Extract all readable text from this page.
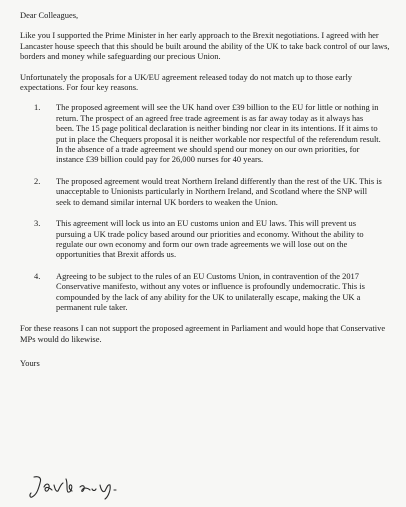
Dear Colleagues,

Like you I supported the Prime Minister in her early approach to the Brexit negotiations. I agreed with her Lancaster house speech that this should be built around the ability of the UK to take back control of our laws, borders and money while safeguarding our precious Union.

Unfortunately the proposals for a UK/EU agreement released today do not match up to those early expectations. For four key reasons.

1. The proposed agreement will see the UK hand over £39 billion to the EU for little or nothing in return. The prospect of an agreed free trade agreement is as far away today as it always has been. The 15 page political declaration is neither binding nor clear in its intentions. If it aims to put in place the Chequers proposal it is neither workable nor respectful of the referendum result. In the absence of a trade agreement we should spend our money on our own priorities, for instance £39 billion could pay for 26,000 nurses for 40 years.
2. The proposed agreement would treat Northern Ireland differently than the rest of the UK. This is unacceptable to Unionists particularly in Northern Ireland, and Scotland where the SNP will seek to demand similar internal UK borders to weaken the Union.
3. This agreement will lock us into an EU customs union and EU laws. This will prevent us pursuing a UK trade policy based around our priorities and economy. Without the ability to regulate our own economy and form our own trade agreements we will lose out on the opportunities that Brexit affords us.
4. Agreeing to be subject to the rules of an EU Customs Union, in contravention of the 2017 Conservative manifesto, without any votes or influence is profoundly undemocratic. This is compounded by the lack of any ability for the UK to unilaterally escape, making the UK a permanent rule taker.

For these reasons I can not support the proposed agreement in Parliament and would hope that Conservative MPs would do likewise.

Yours
